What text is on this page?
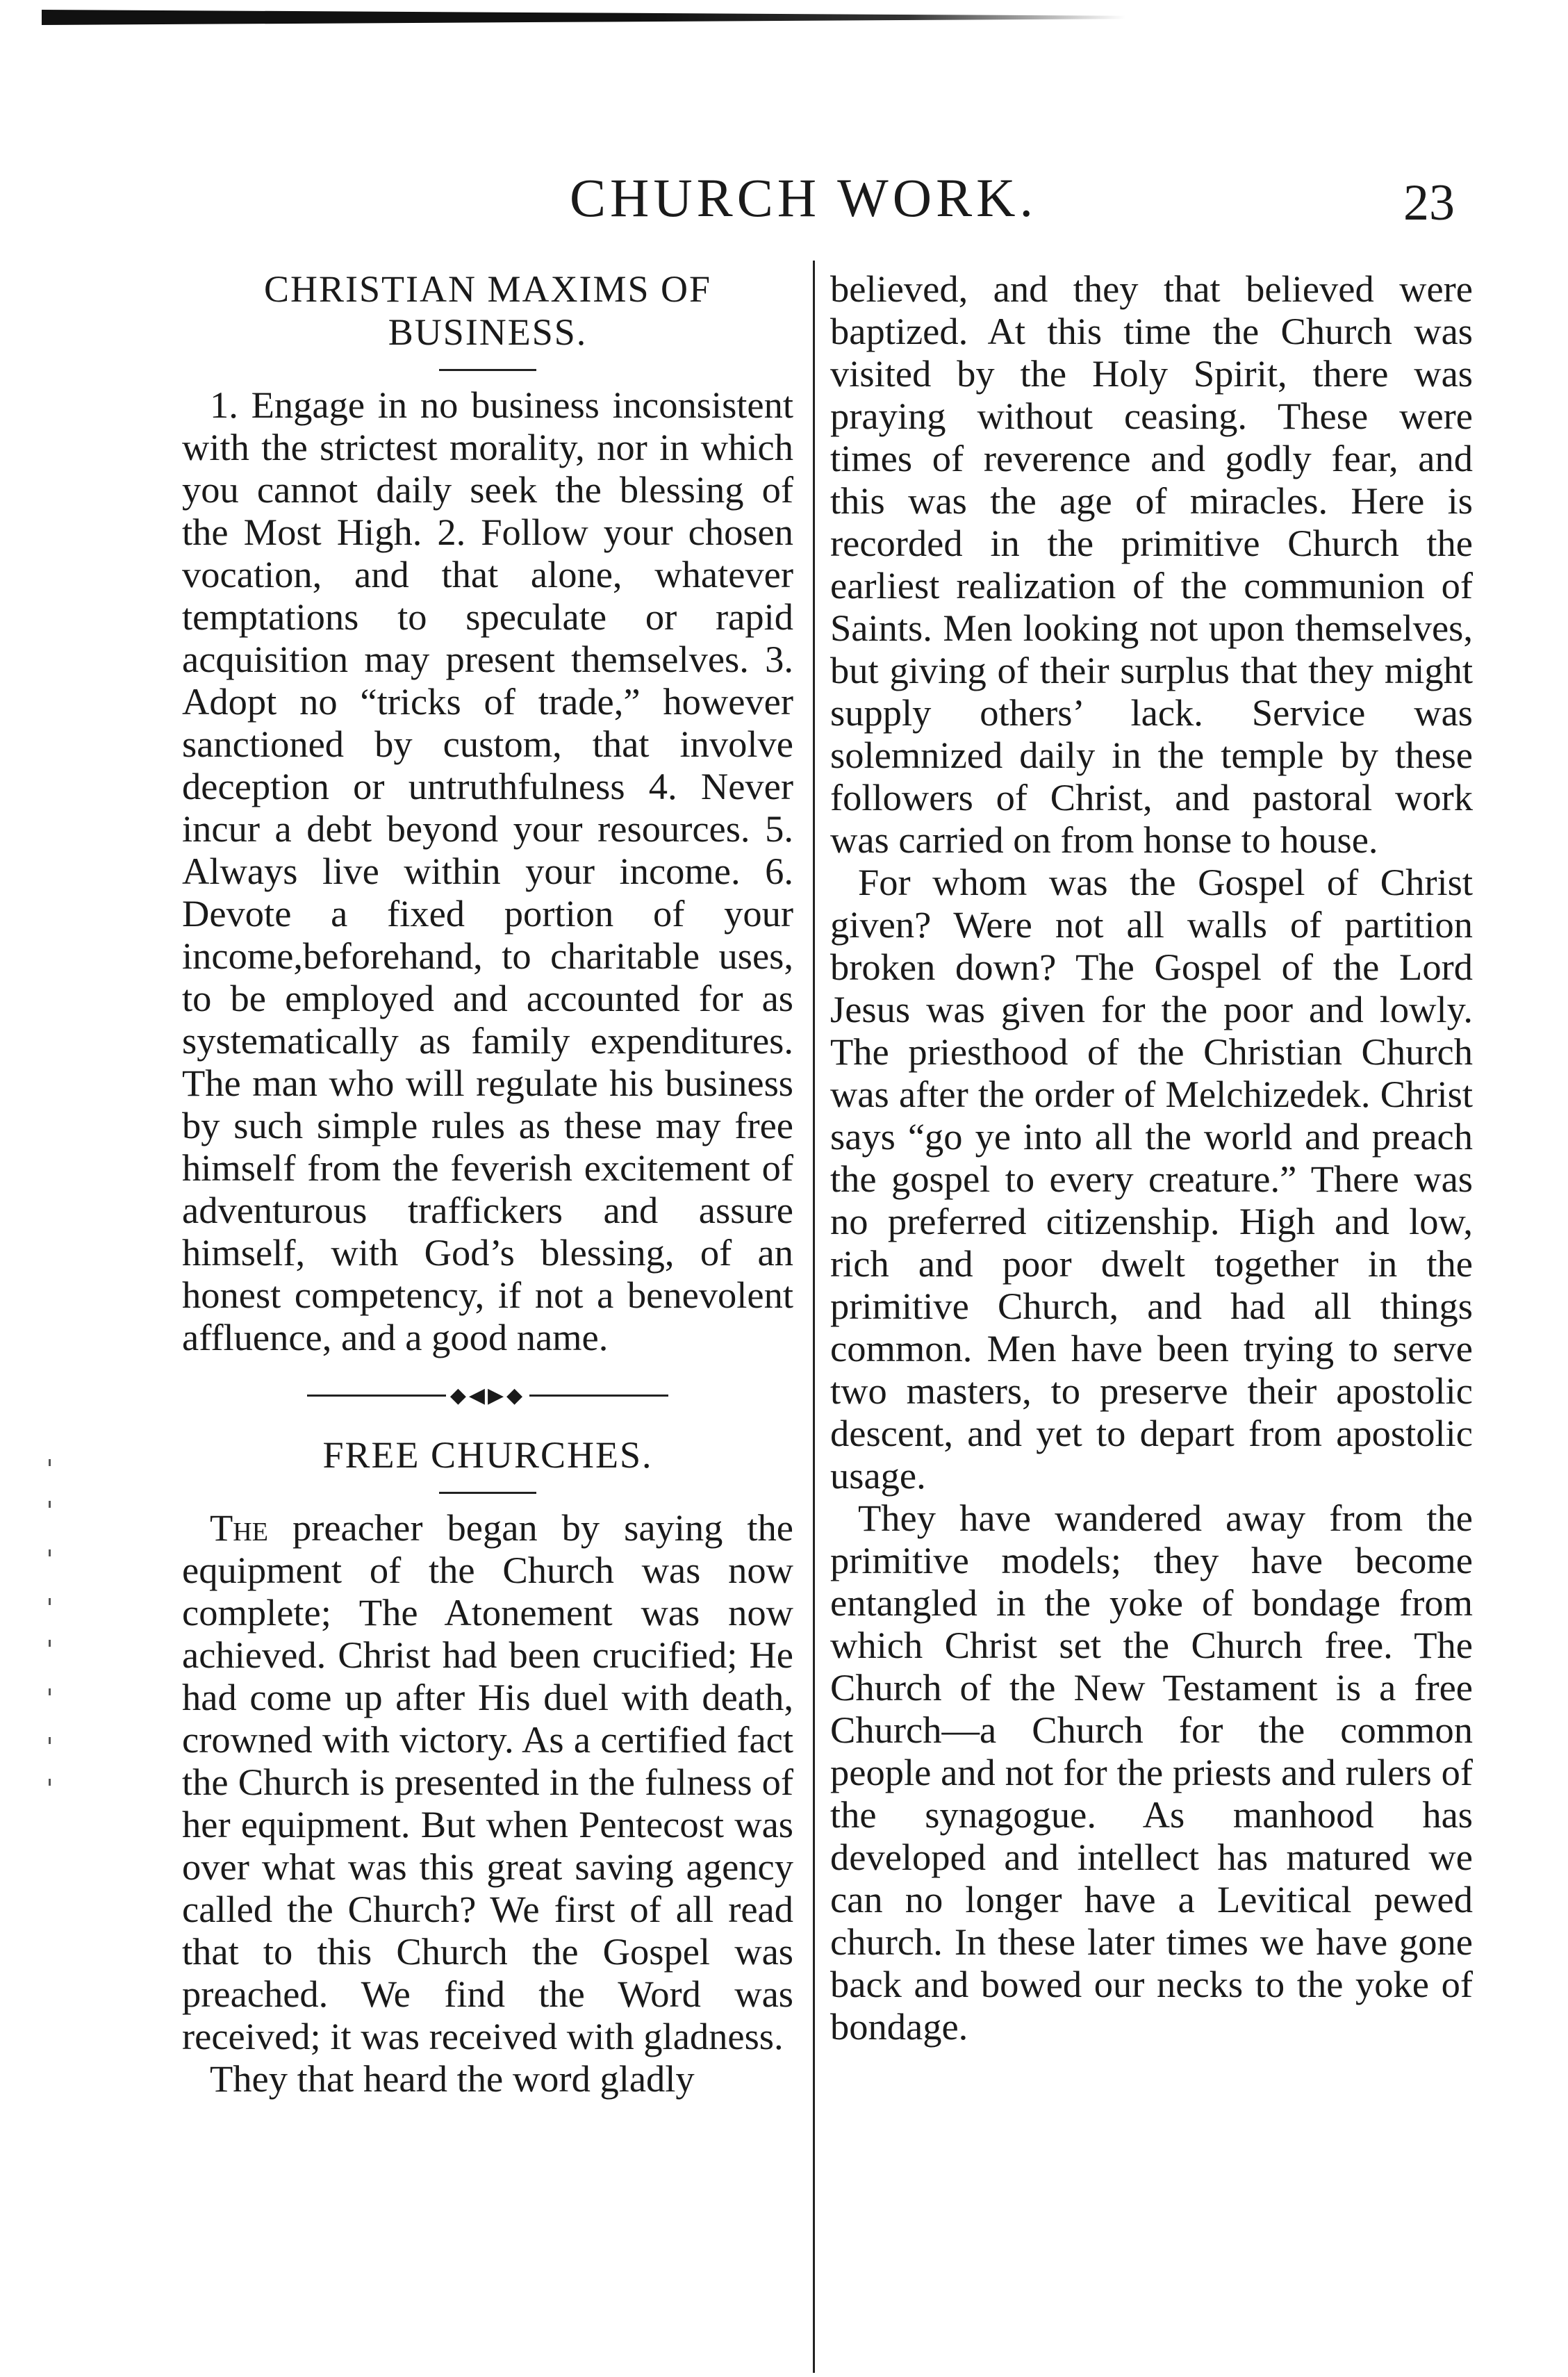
CHURCH WORK.	23
CHRISTIAN MAXIMS OF BUSINESS.

1. Engage in no business inconsistent with the strictest morality, nor in which you cannot daily seek the blessing of the Most High. 2. Follow your chosen vocation, and that alone, whatever temptations to speculate or rapid acquisition may present themselves. 3. Adopt no “tricks of trade,” however sanctioned by custom, that involve deception or untruthfulness 4. Never incur a debt beyond your resources. 5. Always live within your income. 6. Devote a fixed portion of your income,beforehand, to charitable uses, to be employed and accounted for as systematically as family expenditures. The man who will regulate his business by such simple rules as these may free himself from the feverish excitement of adventurous traffickers and assure himself, with God’s blessing, of an honest competency, if not a benevolent affluence, and a good name.

◆◀▶◆
FREE CHURCHES.

The preacher began by saying the equipment of the Church was now complete; The Atonement was now achieved. Christ had been crucified; He had come up after His duel with death, crowned with victory. As a certified fact the Church is presented in the fulness of her equipment. But when Pentecost was over what was this great saving agency called the Church? We first of all read that to this Church the Gospel was preached. We find the Word was received; it was received with gladness.

They that heard the word gladly

believed, and they that believed were baptized. At this time the Church was visited by the Holy Spirit, there was praying without ceasing. These were times of reverence and godly fear, and this was the age of miracles. Here is recorded in the primitive Church the earliest realization of the communion of Saints. Men looking not upon themselves, but giving of their surplus that they might supply others’ lack. Service was solemnized daily in the temple by these followers of Christ, and pastoral work was carried on from honse to house.

For whom was the Gospel of Christ given? Were not all walls of partition broken down? The Gospel of the Lord Jesus was given for the poor and lowly. The priesthood of the Christian Church was after the order of Melchizedek. Christ says “go ye into all the world and preach the gospel to every creature.” There was no preferred citizenship. High and low, rich and poor dwelt together in the primitive Church, and had all things common. Men have been trying to serve two masters, to preserve their apostolic descent, and yet to depart from apostolic usage.

They have wandered away from the primitive models; they have become entangled in the yoke of bondage from which Christ set the Church free. The Church of the New Testament is a free Church—a Church for the common people and not for the priests and rulers of the synagogue. As manhood has developed and intellect has matured we can no longer have a Levitical pewed church. In these later times we have gone back and bowed our necks to the yoke of bondage.
